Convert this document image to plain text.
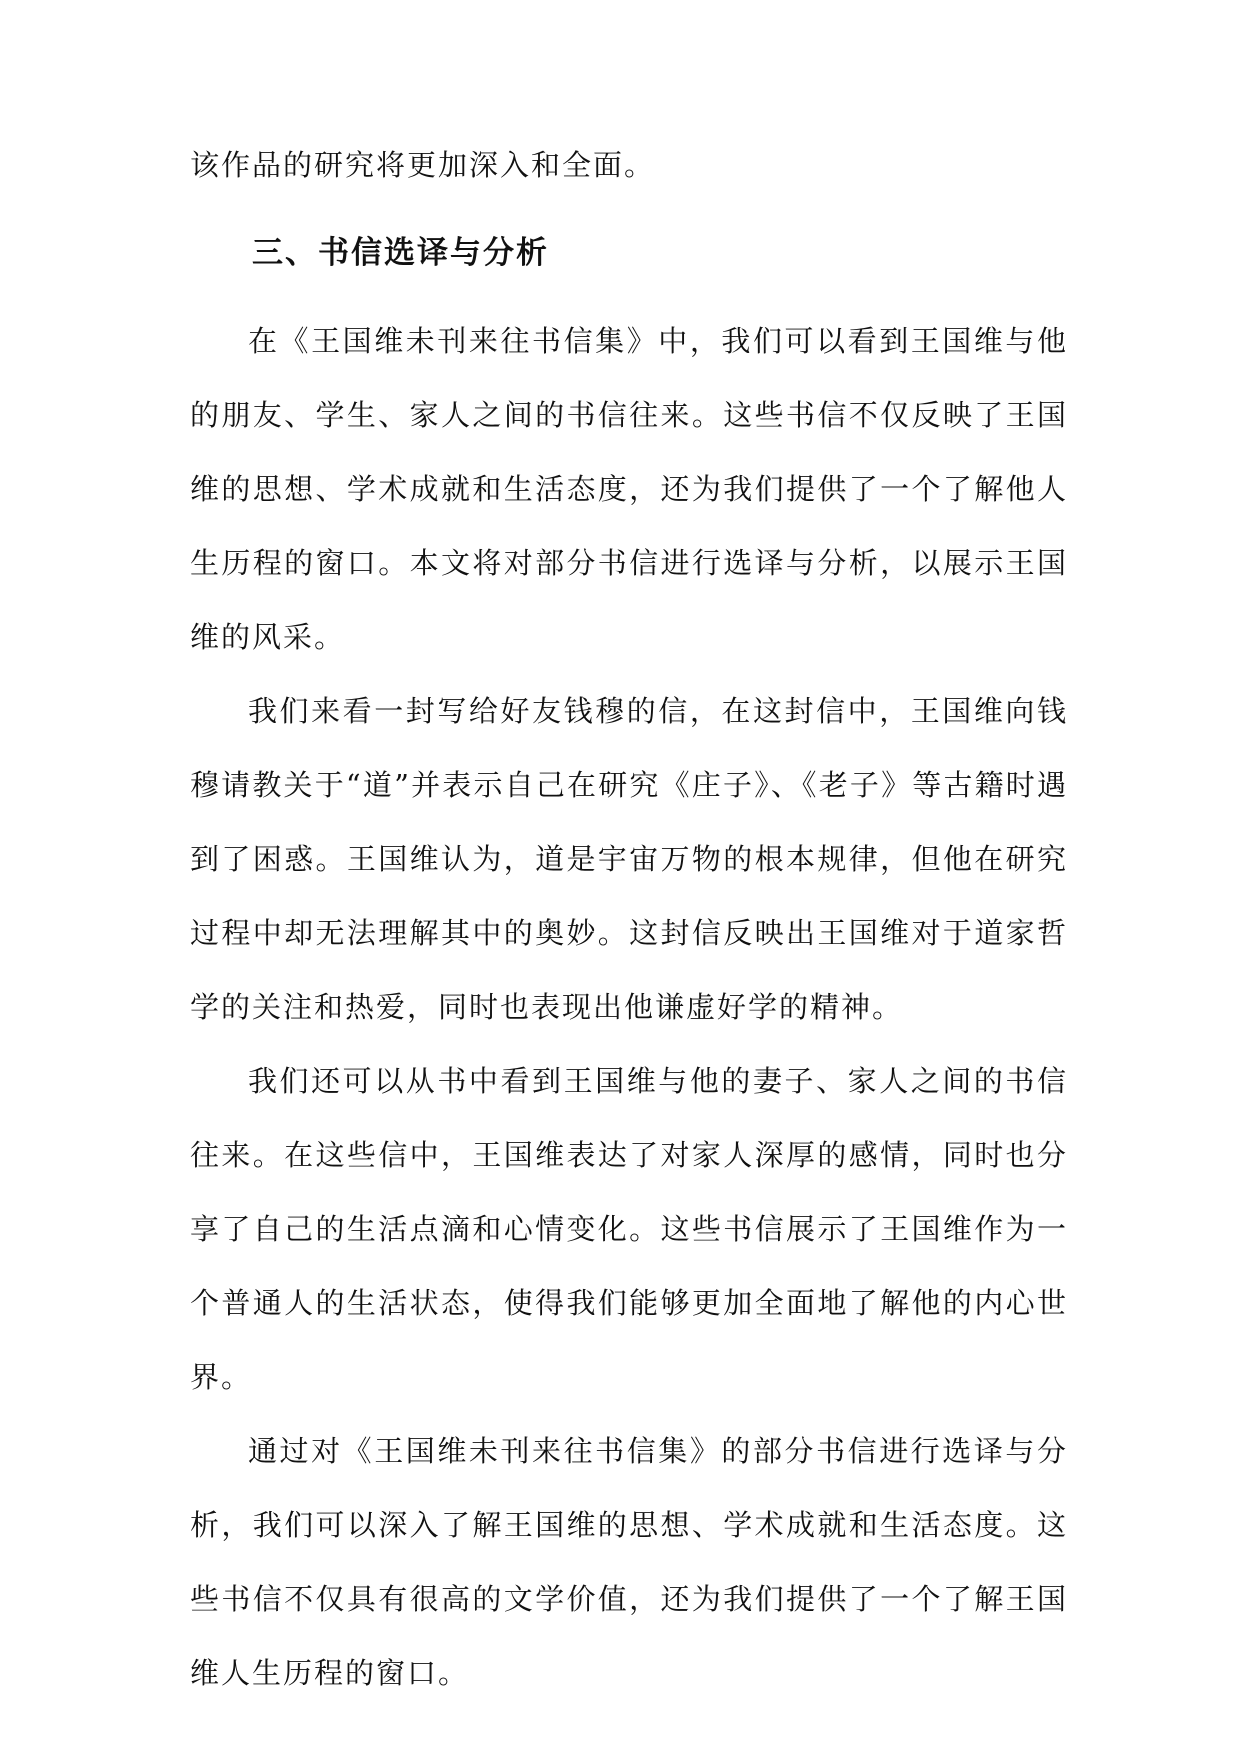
该作品的研究将更加深入和全面。

三、书信选译与分析

在《王国维未刊来往书信集》中，我们可以看到王国维与他的朋友、学生、家人之间的书信往来。这些书信不仅反映了王国维的思想、学术成就和生活态度，还为我们提供了一个了解他人生历程的窗口。本文将对部分书信进行选译与分析，以展示王国维的风采。

我们来看一封写给好友钱穆的信，在这封信中，王国维向钱穆请教关于“道”并表示自己在研究《庄子》、《老子》等古籍时遇到了困惑。王国维认为，道是宇宙万物的根本规律，但他在研究过程中却无法理解其中的奥妙。这封信反映出王国维对于道家哲学的关注和热爱，同时也表现出他谦虚好学的精神。

我们还可以从书中看到王国维与他的妻子、家人之间的书信往来。在这些信中，王国维表达了对家人深厚的感情，同时也分享了自己的生活点滴和心情变化。这些书信展示了王国维作为一个普通人的生活状态，使得我们能够更加全面地了解他的内心世界。

通过对《王国维未刊来往书信集》的部分书信进行选译与分析，我们可以深入了解王国维的思想、学术成就和生活态度。这些书信不仅具有很高的文学价值，还为我们提供了一个了解王国维人生历程的窗口。
